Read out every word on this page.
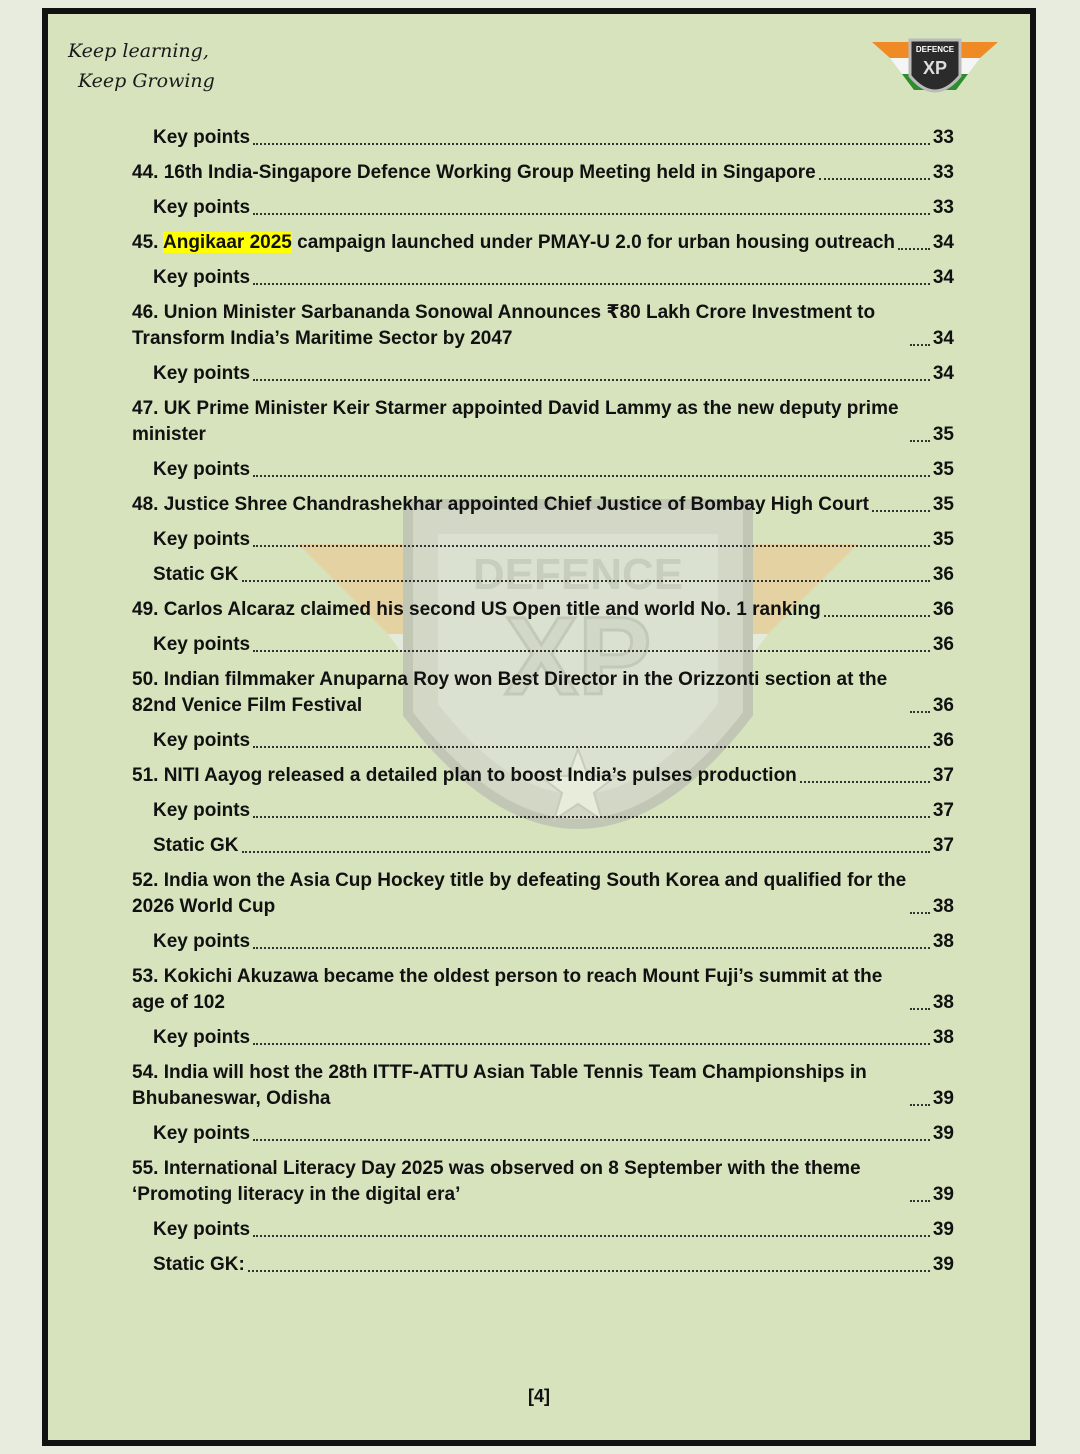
Keep learning,
Keep Growing
DEFENCE
XP
DEFENCE
XP
Key points	33
44. 16th India-Singapore Defence Working Group Meeting held in Singapore	33
Key points	33
45. Angikaar 2025 campaign launched under PMAY-U 2.0 for urban housing outreach 34
Key points	34
46. Union Minister Sarbananda Sonowal Announces ₹80 Lakh Crore Investment to Transform India’s Maritime Sector by 2047	34
Key points	34
47. UK Prime Minister Keir Starmer appointed David Lammy as the new deputy prime minister	35
Key points	35
48. Justice Shree Chandrashekhar appointed Chief Justice of Bombay High Court	35
Key points	35
Static GK	36
49. Carlos Alcaraz claimed his second US Open title and world No. 1 ranking	36
Key points	36
50. Indian filmmaker Anuparna Roy won Best Director in the Orizzonti section at the 82nd Venice Film Festival	36
Key points	36
51. NITI Aayog released a detailed plan to boost India’s pulses production	37
Key points	37
Static GK	37
52. India won the Asia Cup Hockey title by defeating South Korea and qualified for the 2026 World Cup	38
Key points	38
53. Kokichi Akuzawa became the oldest person to reach Mount Fuji’s summit at the age of 102	38
Key points	38
54. India will host the 28th ITTF-ATTU Asian Table Tennis Team Championships in Bhubaneswar, Odisha	39
Key points	39
55. International Literacy Day 2025 was observed on 8 September with the theme ‘Promoting literacy in the digital era’	39
Key points	39
Static GK:	39
[4]
